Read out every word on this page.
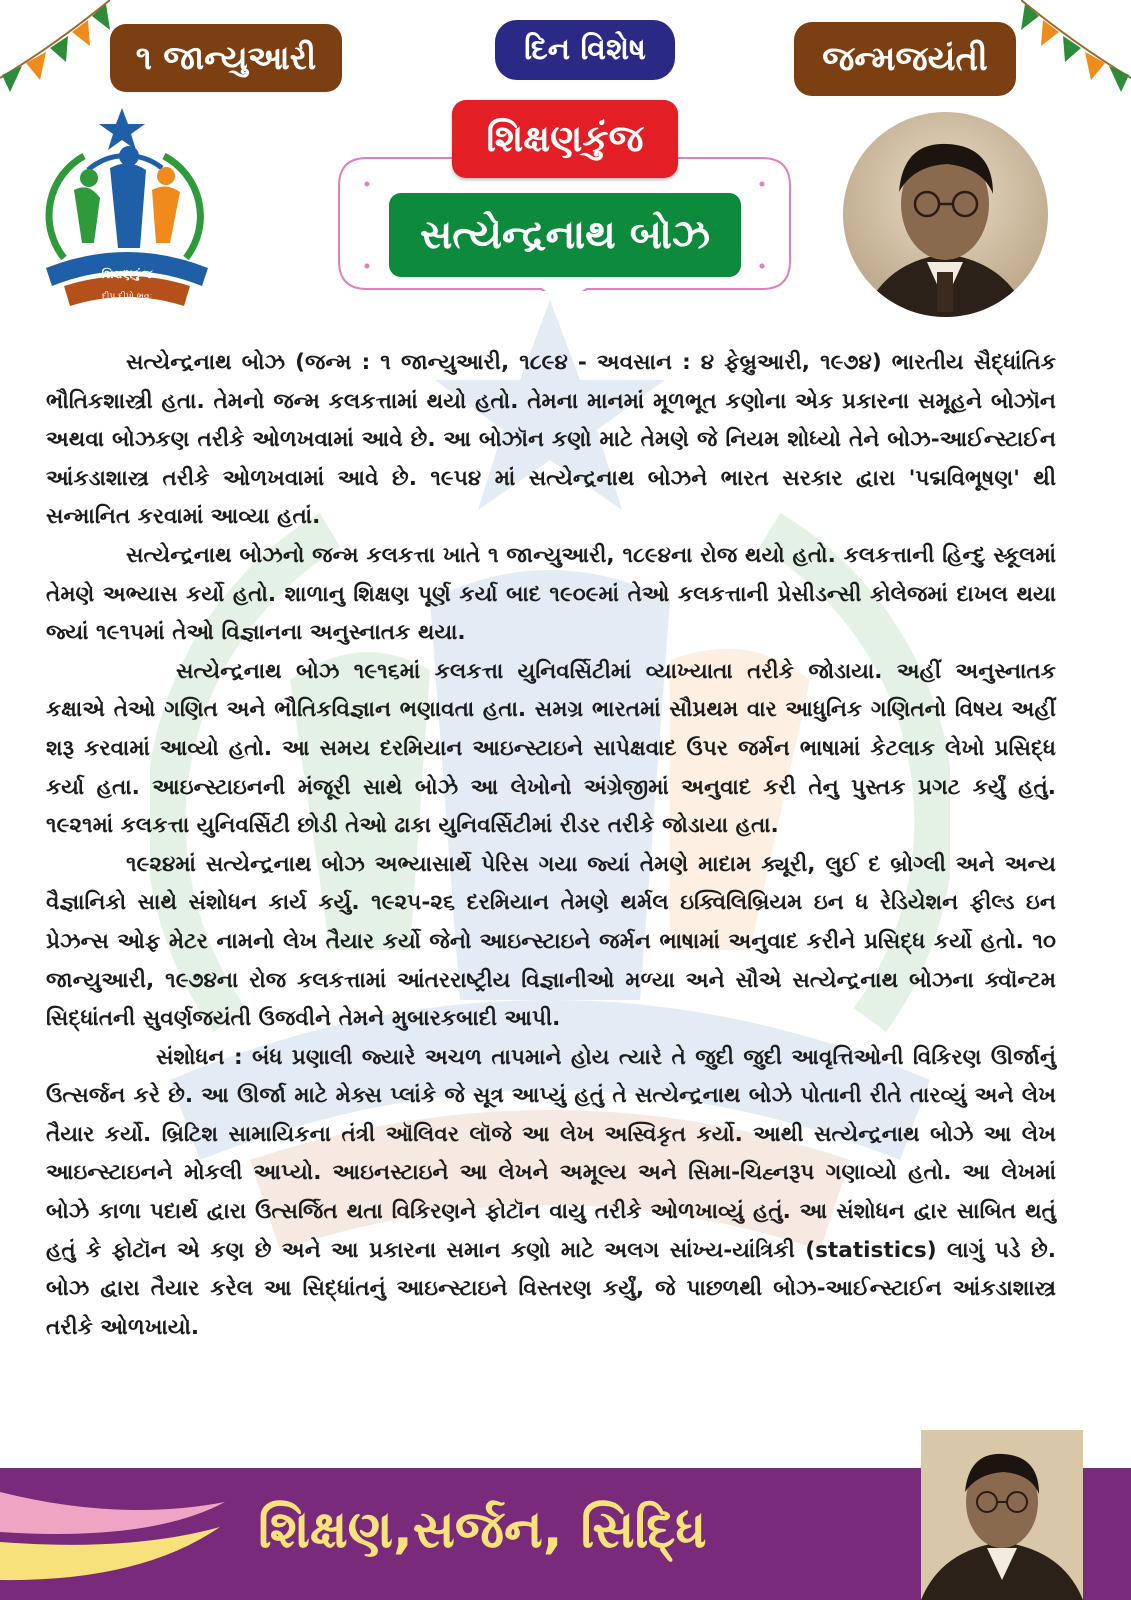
૧ જાન્યુઆરી	દિન વિશેષ	જન્મજયંતી
શિક્ષણકુંજ
દીપ દીપો ભવઃ
શિક્ષણકુંજ
સત્યેન્દ્રનાથ બોઝ

સત્યેન્દ્રનાથ બોઝ (જન્મ : ૧ જાન્યુઆરી, ૧૮૯૪ - અવસાન : ૪ ફેબ્રુઆરી, ૧૯૭૪) ભારતીય સૈદ્ધાંતિક ભૌતિકશાસ્ત્રી હતા. તેમનો જન્મ કલકત્તામાં થયો હતો. તેમના માનમાં મૂળભૂત કણોના એક પ્રકારના સમૂહને બોઝૉન અથવા બોઝકણ તરીકે ઓળખવામાં આવે છે. આ બોઝૉન કણો માટે તેમણે જે નિયમ શોધ્યો તેને બોઝ-આઈન્સ્ટાઈન આંકડાશાસ્ત્ર તરીકે ઓળખવામાં આવે છે. ૧૯૫૪ માં સત્યેન્દ્રનાથ બોઝને ભારત સરકાર દ્વારા 'પદ્મવિભૂષણ' થી સન્માનિત કરવામાં આવ્યા હતાં.

સત્યેન્દ્રનાથ બોઝનો જન્મ કલકત્તા ખાતે ૧ જાન્યુઆરી, ૧૮૯૪ના રોજ થયો હતો. કલકત્તાની હિન્દુ સ્કૂલમાં તેમણે અભ્યાસ કર્યો હતો. શાળાનુ શિક્ષણ પૂર્ણ કર્યા બાદ ૧૯૦૯માં તેઓ કલકત્તાની પ્રેસીડન્સી કોલેજમાં દાખલ થયા જ્યાં ૧૯૧૫માં તેઓ વિજ્ઞાનના અનુસ્નાતક થયા.

સત્યેન્દ્રનાથ બોઝ ૧૯૧૬માં કલકત્તા યુનિવર્સિટીમાં વ્યાખ્યાતા તરીકે જોડાયા. અહીં અનુસ્નાતક કક્ષાએ તેઓ ગણિત અને ભૌતિકવિજ્ઞાન ભણાવતા હતા. સમગ્ર ભારતમાં સૌપ્રથમ વાર આધુનિક ગણિતનો વિષય અહીં શરૂ કરવામાં આવ્યો હતો. આ સમય દરમિયાન આઇન્સ્ટાઇને સાપેક્ષવાદ ઉપર જર્મન ભાષામાં કેટલાક લેખો પ્રસિદ્ધ કર્યા હતા. આઇન્સ્ટાઇનની મંજૂરી સાથે બોઝે આ લેખોનો અંગ્રેજીમાં અનુવાદ કરી તેનુ પુસ્તક પ્રગટ કર્યું હતું. ૧૯૨૧માં કલકત્તા યુનિવર્સિટી છોડી તેઓ ઢાકા યુનિવર્સિટીમાં રીડર તરીકે જોડાયા હતા.

૧૯૨૪માં સત્યેન્દ્રનાથ બોઝ અભ્યાસાર્થે પેરિસ ગયા જ્યાં તેમણે માદામ ક્યૂરી, લુઈ દ બ્રોગ્લી અને અન્ય વૈજ્ઞાનિકો સાથે સંશોધન કાર્ય કર્યુ. ૧૯૨૫-૨૬ દરમિયાન તેમણે થર્મલ ઇક્વિલિબ્રિયમ ઇન ધ રેડિયેશન ફીલ્ડ ઇન પ્રેઝન્સ ઓફ મેટર નામનો લેખ તૈયાર કર્યો જેનો આઇન્સ્ટાઇને જર્મન ભાષામાં અનુવાદ કરીને પ્રસિદ્ધ કર્યો હતો. ૧૦ જાન્યુઆરી, ૧૯૭૪ના રોજ કલકત્તામાં આંતરરાષ્ટ્રીય વિજ્ઞાનીઓ મળ્યા અને સૌએ સત્યેન્દ્રનાથ બોઝના ક્વૉન્ટમ સિદ્ધાંતની સુવર્ણજયંતી ઉજવીને તેમને મુબારકબાદી આપી.

સંશોધન : બંધ પ્રણાલી જ્યારે અચળ તાપમાને હોય ત્યારે તે જુદી જુદી આવૃત્તિઓની વિકિરણ ઊર્જાનું ઉત્સર્જન કરે છે. આ ઊર્જા માટે મેક્સ પ્લાંકે જે સૂત્ર આપ્યું હતું તે સત્યેન્દ્રનાથ બોઝે પોતાની રીતે તારવ્યું અને લેખ તૈયાર કર્યો. બ્રિટિશ સામાયિકના તંત્રી ઑલિવર લૉજે આ લેખ અસ્વિકૃત કર્યો. આથી સત્યેન્દ્રનાથ બોઝે આ લેખ આઇન્સ્ટાઇનને મોકલી આપ્યો. આઇનસ્ટાઇને આ લેખને અમૂલ્ય અને સિમા-ચિહ્નરૂપ ગણાવ્યો હતો. આ લેખમાં બોઝે કાળા પદાર્થ દ્વારા ઉત્સર્જિત થતા વિકિરણને ફોટૉન વાયુ તરીકે ઓળખાવ્યું હતું. આ સંશોધન દ્વાર સાબિત થતું હતું કે ફોટૉન એ કણ છે અને આ પ્રકારના સમાન કણો માટે અલગ સાંખ્ય-યાંત્રિકી (statistics) લાગું પડે છે. બોઝ દ્વારા તૈયાર કરેલ આ સિદ્ધાંતનું આઇન્સ્ટાઇને વિસ્તરણ કર્યું, જે પાછળથી બોઝ-આઈન્સ્ટાઈન આંકડાશાસ્ત્ર તરીકે ઓળખાયો.

શિક્ષણ,સર્જન, સિદ્ધિ
